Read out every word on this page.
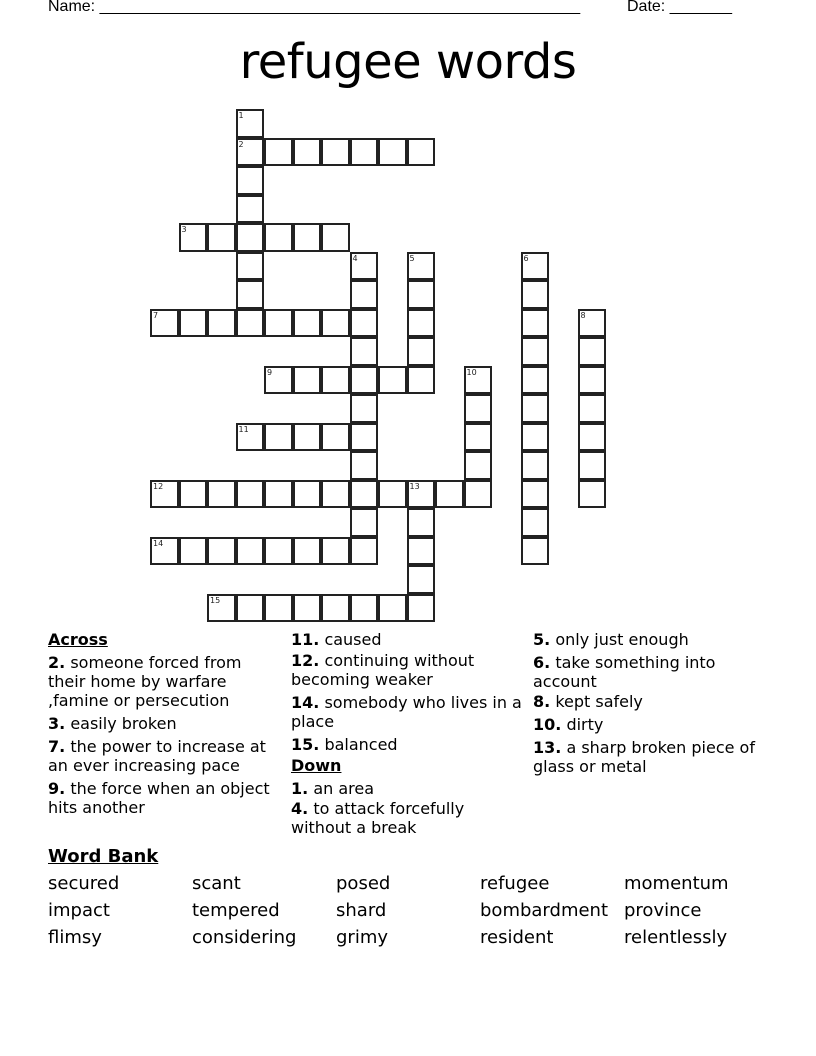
Name: ______________________________________________________	Date: _______
refugee words
1
2
3
4	5	6
7	8
9	10
11
12	13
14
15
Across
2. someone forced from their home by warfare ,famine or persecution
3. easily broken
7. the power to increase at an ever increasing pace
9. the force when an object hits another
11. caused
12. continuing without becoming weaker
14. somebody who lives in a place
15. balanced
Down
1. an area
4. to attack forcefully without a break
5. only just enough
6. take something into account
8. kept safely
10. dirty
13. a sharp broken piece of glass or metal
Word Bank
secured	scant	posed	refugee	momentum
impact	tempered	shard	bombardment province
flimsy	considering	grimy	resident	relentlessly
